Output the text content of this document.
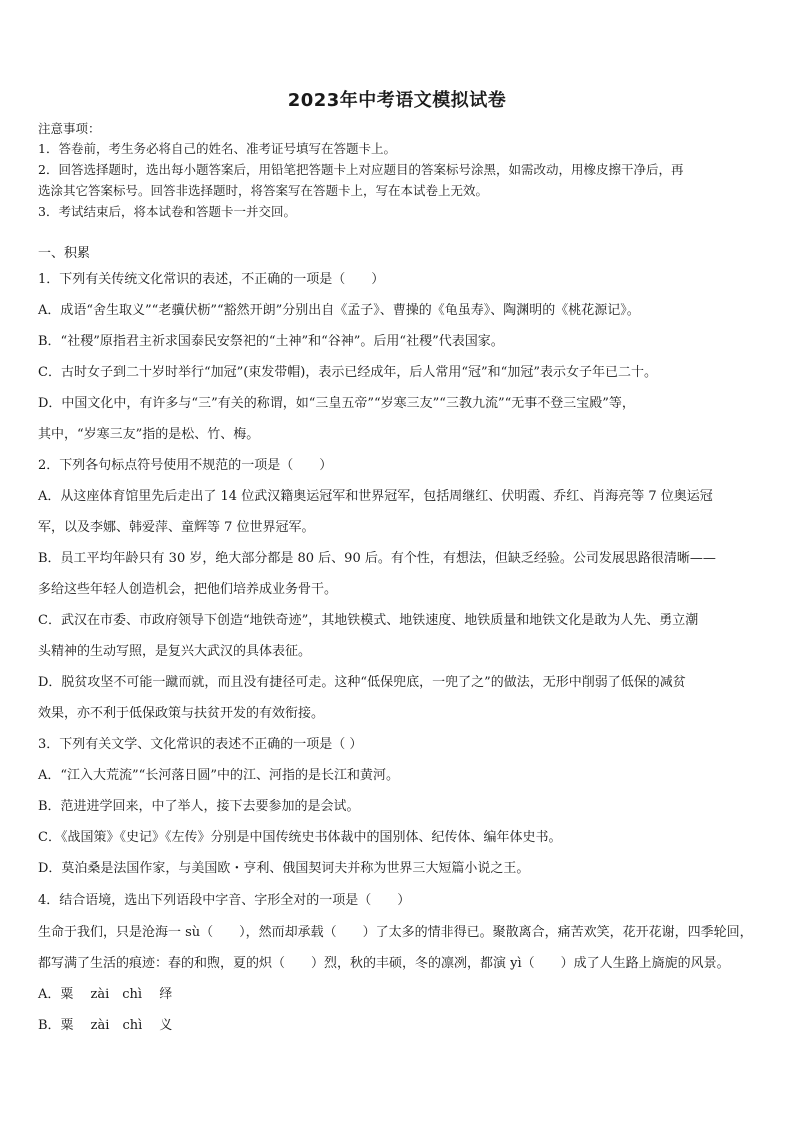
2023年中考语文模拟试卷
注意事项：
1．答卷前，考生务必将自己的姓名、准考证号填写在答题卡上。
2．回答选择题时，选出每小题答案后，用铅笔把答题卡上对应题目的答案标号涂黑，如需改动，用橡皮擦干净后，再
选涂其它答案标号。回答非选择题时，将答案写在答题卡上，写在本试卷上无效。
3．考试结束后，将本试卷和答题卡一并交回。
一、积累
1．下列有关传统文化常识的表述，不正确的一项是（　　）
A．成语“舍生取义”“老骥伏枥”“豁然开朗”分别出自《孟子》、曹操的《龟虽寿》、陶渊明的《桃花源记》。
B．“社稷”原指君主祈求国泰民安祭祀的“土神”和“谷神”。后用“社稷”代表国家。
C．古时女子到二十岁时举行“加冠”(束发带帽)，表示已经成年，后人常用“冠”和“加冠”表示女子年已二十。
D．中国文化中，有许多与“三”有关的称谓，如“三皇五帝”“岁寒三友”“三教九流”“无事不登三宝殿”等，
其中，“岁寒三友”指的是松、竹、梅。
2．下列各句标点符号使用不规范的一项是（　　）
A．从这座体育馆里先后走出了 14 位武汉籍奥运冠军和世界冠军，包括周继红、伏明霞、乔红、肖海亮等 7 位奥运冠
军，以及李娜、韩爱萍、童辉等 7 位世界冠军。
B．员工平均年龄只有 30 岁，绝大部分都是 80 后、90 后。有个性，有想法，但缺乏经验。公司发展思路很清晰——
多给这些年轻人创造机会，把他们培养成业务骨干。
C．武汉在市委、市政府领导下创造“地铁奇迹”，其地铁模式、地铁速度、地铁质量和地铁文化是敢为人先、勇立潮
头精神的生动写照，是复兴大武汉的具体表征。
D．脱贫攻坚不可能一蹴而就，而且没有捷径可走。这种“低保兜底，一兜了之”的做法，无形中削弱了低保的减贫
效果，亦不利于低保政策与扶贫开发的有效衔接。
3．下列有关文学、文化常识的表述不正确的一项是（ ）
A．“江入大荒流”“长河落日圆”中的江、河指的是长江和黄河。
B．范进进学回来，中了举人，接下去要参加的是会试。
C．《战国策》《史记》《左传》分别是中国传统史书体裁中的国别体、纪传体、编年体史书。
D．莫泊桑是法国作家，与美国欧・亨利、俄国契诃夫并称为世界三大短篇小说之王。
4．结合语境，选出下列语段中字音、字形全对的一项是（　　）
生命于我们，只是沧海一 sù（　　），然而却承载（　　）了太多的情非得已。聚散离合，痛苦欢笑，花开花谢，四季轮回，
都写满了生活的痕迹：春的和煦，夏的炽（　　）烈，秋的丰硕，冬的凛冽，都演 yì（　　）成了人生路上旖旎的风景。
A．粟　 zài　chì　 绎
B．粟　 zài　chì　 义
